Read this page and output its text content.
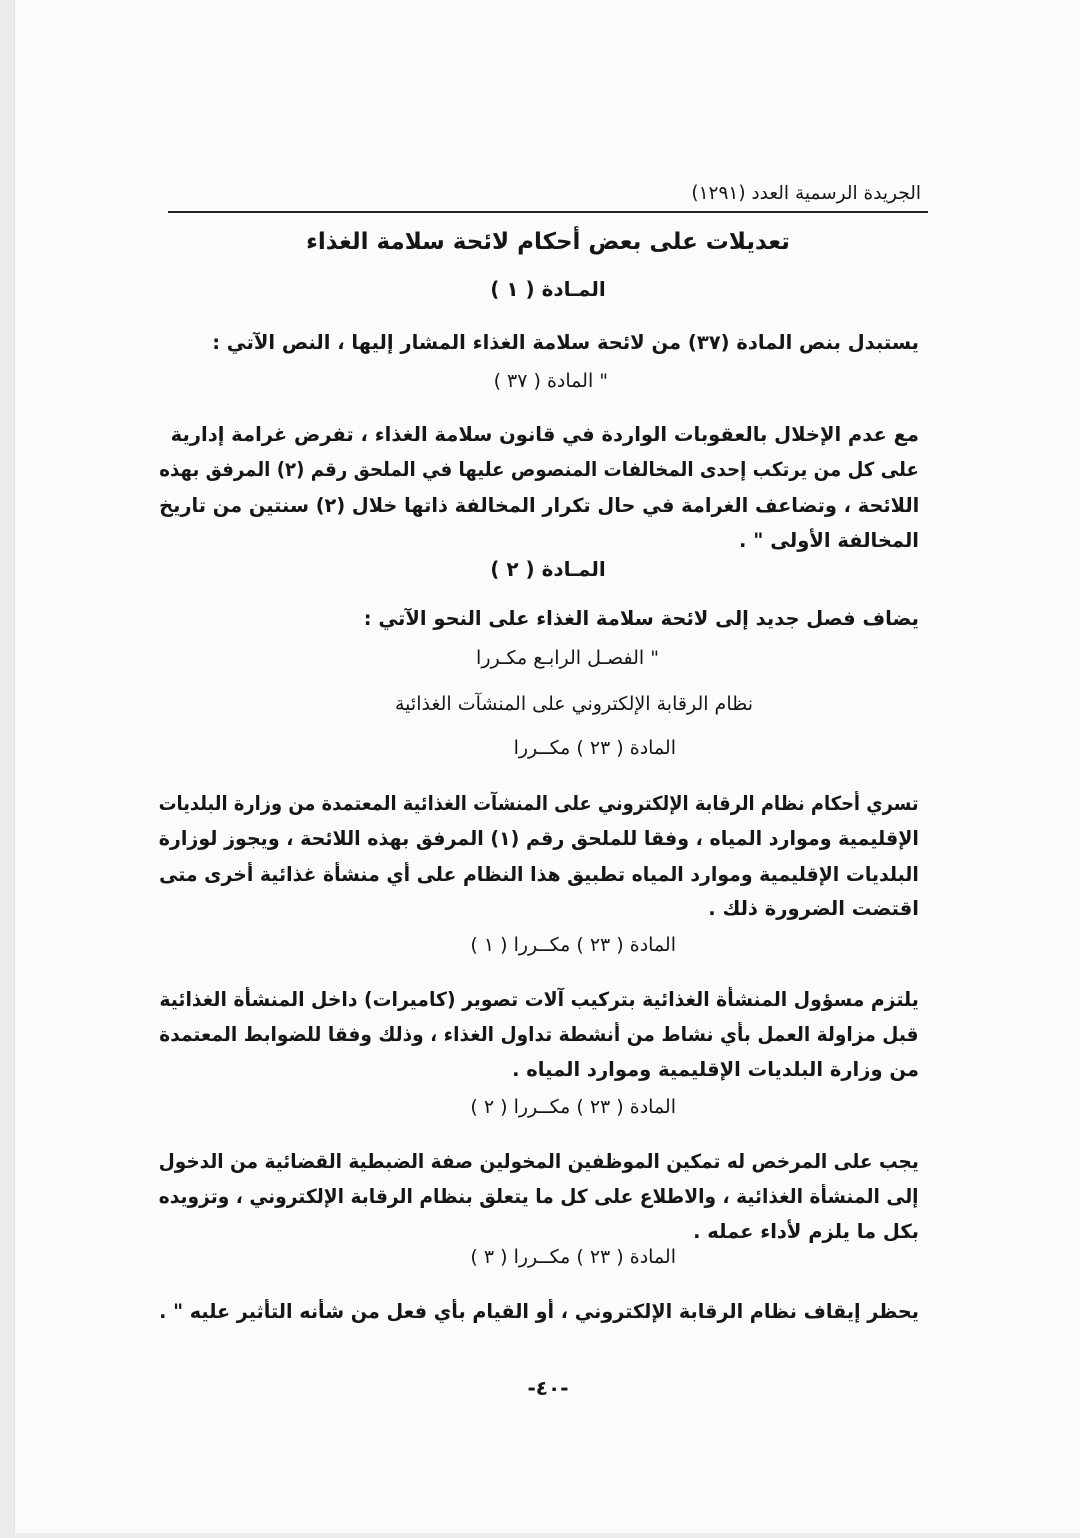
الجريدة الرسمية العدد (١٢٩١)
تعديلات على بعض أحكام لائحة سلامة الغذاء
المـادة ( ١ )
يستبدل بنص المادة (٣٧) من لائحة سلامة الغذاء المشار إليها ، النص الآتي :
" المادة ( ٣٧ )
مع عدم الإخلال بالعقوبات الواردة في قانون سلامة الغذاء ، تفرض غرامة إدارية
على كل من يرتكب إحدى المخالفات المنصوص عليها في الملحق رقم (٢) المرفق بهذه
اللائحة ، وتضاعف الغرامة في حال تكرار المخالفة ذاتها خلال (٢) سنتين من تاريخ
المخالفة الأولى " .
المـادة ( ٢ )
يضاف فصل جديد إلى لائحة سلامة الغذاء على النحو الآتي :
" الفصـل الرابـع مكـررا
نظام الرقابة الإلكتروني على المنشآت الغذائية
المادة ( ٢٣ ) مكــررا
تسري أحكام نظام الرقابة الإلكتروني على المنشآت الغذائية المعتمدة من وزارة البلديات
الإقليمية وموارد المياه ، وفقا للملحق رقم (١) المرفق بهذه اللائحة ، ويجوز لوزارة
البلديات الإقليمية وموارد المياه تطبيق هذا النظام على أي منشأة غذائية أخرى متى
اقتضت الضرورة ذلك .
المادة ( ٢٣ ) مكــررا ( ١ )
يلتزم مسؤول المنشأة الغذائية بتركيب آلات تصوير (كاميرات) داخل المنشأة الغذائية
قبل مزاولة العمل بأي نشاط من أنشطة تداول الغذاء ، وذلك وفقا للضوابط المعتمدة
من وزارة البلديات الإقليمية وموارد المياه .
المادة ( ٢٣ ) مكــررا ( ٢ )
يجب على المرخص له تمكين الموظفين المخولين صفة الضبطية القضائية من الدخول
إلى المنشأة الغذائية ، والاطلاع على كل ما يتعلق بنظام الرقابة الإلكتروني ، وتزويده
بكل ما يلزم لأداء عمله .
المادة ( ٢٣ ) مكــررا ( ٣ )
يحظر إيقاف نظام الرقابة الإلكتروني ، أو القيام بأي فعل من شأنه التأثير عليه " .
-٤٠-
